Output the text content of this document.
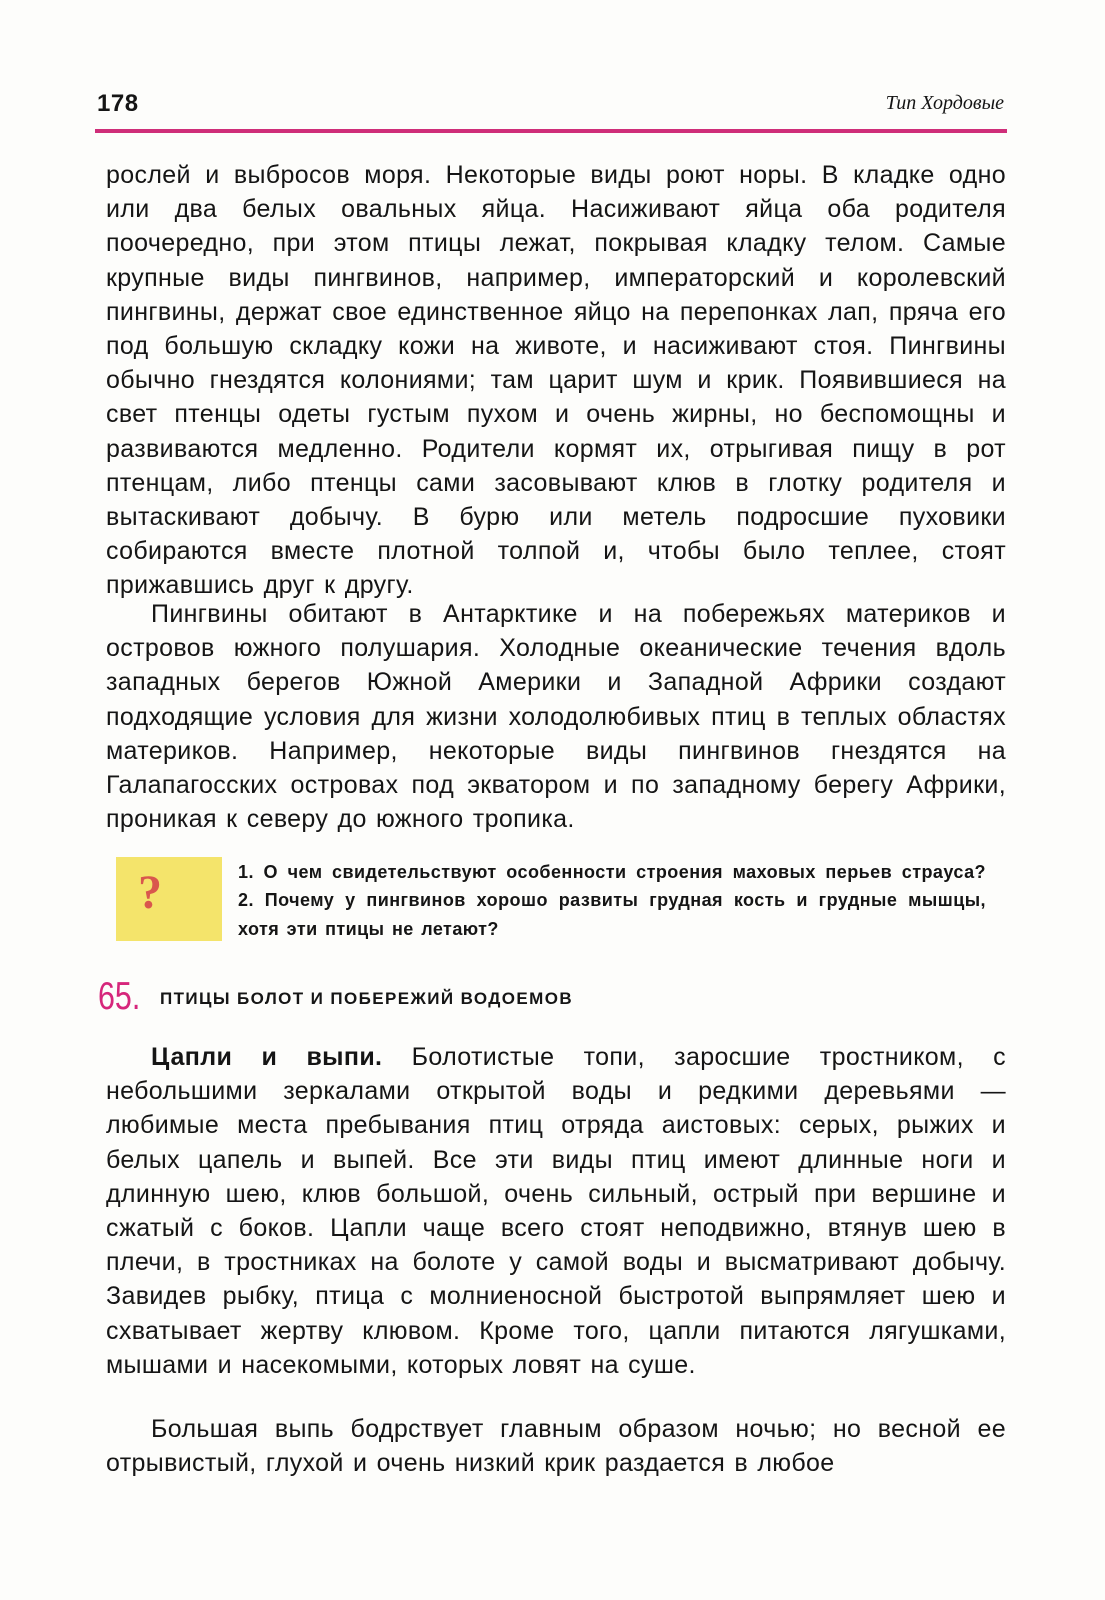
178	Тип Хордовые

рослей и выбросов моря. Некоторые виды роют норы. В кладке одно или два белых овальных яйца. Насиживают яйца оба родителя поочередно, при этом птицы лежат, покрывая кладку телом. Самые крупные виды пингвинов, например, императорский и королевский пингвины, держат свое единственное яйцо на перепонках лап, пряча его под большую складку кожи на животе, и насиживают стоя. Пингвины обычно гнездятся колониями; там царит шум и крик. Появившиеся на свет птенцы одеты густым пухом и очень жирны, но беспомощны и развиваются медленно. Родители кормят их, отрыгивая пищу в рот птенцам, либо птенцы сами засовывают клюв в глотку родителя и вытаскивают добычу. В бурю или метель подросшие пуховики собираются вместе плотной толпой и, чтобы было теплее, стоят прижавшись друг к другу.

Пингвины обитают в Антарктике и на побережьях материков и островов южного полушария. Холодные океанические течения вдоль западных берегов Южной Америки и Западной Африки создают подходящие условия для жизни холодолюбивых птиц в теплых областях материков. Например, некоторые виды пингвинов гнездятся на Галапагосских островах под экватором и по западному берегу Африки, проникая к северу до южного тропика.

?	1. О чем свидетельствуют особенности строения маховых перьев страуса? 2. Почему у пингвинов хорошо развиты грудная кость и грудные мышцы, хотя эти птицы не летают?

65. ПТИЦЫ БОЛОТ И ПОБЕРЕЖИЙ ВОДОЕМОВ

Цапли и выпи. Болотистые топи, заросшие тростником, с небольшими зеркалами открытой воды и редкими деревьями — любимые места пребывания птиц отряда аистовых: серых, рыжих и белых цапель и выпей. Все эти виды птиц имеют длинные ноги и длинную шею, клюв большой, очень сильный, острый при вершине и сжатый с боков. Цапли чаще всего стоят неподвижно, втянув шею в плечи, в тростниках на болоте у самой воды и высматривают добычу. Завидев рыбку, птица с молниеносной быстротой выпрямляет шею и схватывает жертву клювом. Кроме того, цапли питаются лягушками, мышами и насекомыми, которых ловят на суше.

Большая выпь бодрствует главным образом ночью; но весной ее отрывистый, глухой и очень низкий крик раздается в любое
